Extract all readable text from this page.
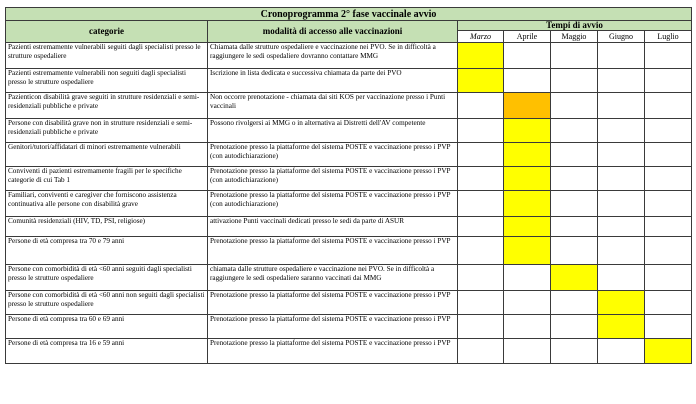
Cronoprogramma 2° fase vaccinale avvio						
categorie	modalità di accesso alle vaccinazioni	Tempi di avvio				
		Marzo	Aprile	Maggio	Giugno	Luglio
Pazienti estremamente vulnerabili seguiti dagli specialisti presso le strutture ospedaliere	Chiamata dalle strutture ospedaliere e vaccinazione nei PVO. Se in difficoltà a raggiungere le sedi ospedaliere dovranno contattare MMG					
Pazienti estremamente vulnerabili non seguiti dagli specialisti presso le strutture ospedaliere	Iscrizione in lista dedicata e successiva chiamata da parte dei PVO					
Pazienticon disabilità grave seguiti in strutture residenziali e semi-residenziali pubbliche e private	Non occorre prenotazione - chiamata dai siti KOS per vaccinazione presso i Punti vaccinali					
Persone con disabilità grave non in strutture residenziali e semi-residenziali pubbliche e private	Possono rivolgersi ai MMG o in alternativa ai Distretti dell'AV competente					
Genitori/tutori/affidatari di minori estremamente vulnerabili	Prenotazione presso la piattaforme del sistema POSTE e vaccinazione presso i PVP (con autodichiarazione)					
Conviventi di pazienti estremamente fragili per le specifiche categorie di cui Tab 1	Prenotazione presso la piattaforme del sistema POSTE e vaccinazione presso i PVP (con autodichiarazione)					
Familiari, conviventi e caregiver che forniscono assistenza continuativa alle persone con disabilità grave	Prenotazione presso la piattaforme del sistema POSTE e vaccinazione presso i PVP (con autodichiarazione)					
Comunità residenziali (HIV, TD, PSI, religiose)	attivazione Punti vaccinali dedicati presso le sedi da parte di ASUR					
Persone di età compresa tra 70 e 79 anni	Prenotazione presso la piattaforme del sistema POSTE e vaccinazione presso i PVP					
Persone con comorbidità di età <60 anni seguiti dagli specialisti presso le strutture ospedaliere	chiamata dalle strutture ospedaliere e vaccinazione nei PVO. Se in difficoltà a raggiungere le sedi ospedaliere saranno vaccinati dai MMG					
Persone con comorbidità di età <60 anni non seguiti dagli specialisti presso le strutture ospedaliere	Prenotazione presso la piattaforme del sistema POSTE e vaccinazione presso i PVP					
Persone di età compresa tra 60 e 69 anni	Prenotazione presso la piattaforme del sistema POSTE e vaccinazione presso i PVP					
Persone di età compresa tra 16 e 59 anni	Prenotazione presso la piattaforme del sistema POSTE e vaccinazione presso i PVP					
